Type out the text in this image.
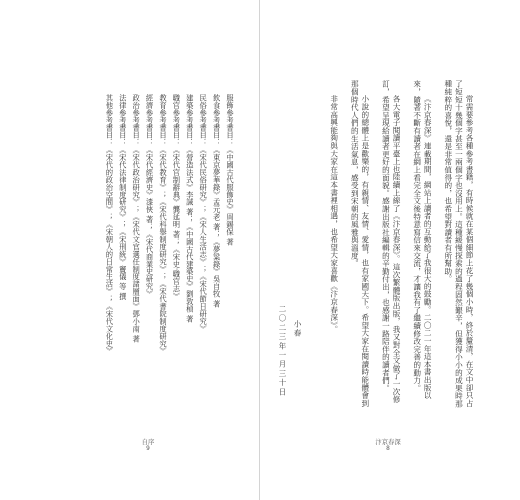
常需要參考各種參考書籍，有時候就在某個細節上花了幾個小時，終於釐清，在文中卻只占了短短十幾個字甚至一兩個字也沒用上。這種緩慢探索的過程固然艱辛，但獲得小小的成果時那種純粹的喜悅，還是非常值得的，也希望對讀者有所幫助。
《汴京春深》連載期間，網站上讀者的互動給了我很大的鼓勵。二〇二一年這本書出版以來，隨著不斷有讀者在網上看完全文後特意寫信來交流，才讓我有了繼續修改完善的動力。
各大電子閱讀平臺上也陸續上線了《汴京春深》。這次繁體版出版，我又對全文做了一次修訂，希望呈現給讀者更好的面貌。感謝出版社編輯的辛勤付出，也感謝一路陪伴的讀者們。
小說的總體上是歡樂的，有親情、友情、愛情，也有家國天下。希望大家在閱讀時能體會到那個時代人們的生活氣息，感受到宋朝的風雅與溫度。
非常高興能夠與大家在這本書裡相遇，也希望大家喜歡《汴京春深》。
小春
二〇二三年一月三十日
汴京春深
8
服飾參考書目：《中國古代服飾史》周錫保 著
飲食參考書目：《東京夢華錄》孟元老 著；《夢粱錄》吳自牧 著
民俗參考書目：《宋代民俗研究》；《宋人生活志》；《宋代節日研究》
建築參考書目：《營造法式》李誡 著；《中國古代建築史》劉敦楨 著
職官參考書目：《宋代官制辭典》龔延明 著；《宋史·職官志》
教育參考書目：《宋代教育》；《宋代科舉制度研究》；《宋代書院制度研究》
經濟參考書目：《宋代經濟史》漆俠 著；《宋代商業史研究》
政治參考書目：《宋代政治研究》；《宋代文官選任制度諸層面》鄧小南 著
法律參考書目：《宋代法律制度研究》；《宋刑統》竇儀 等 撰
其他參考書目：《宋代的政治空間》；《宋朝人的日常生活》；《宋代文化史》
自序
9
